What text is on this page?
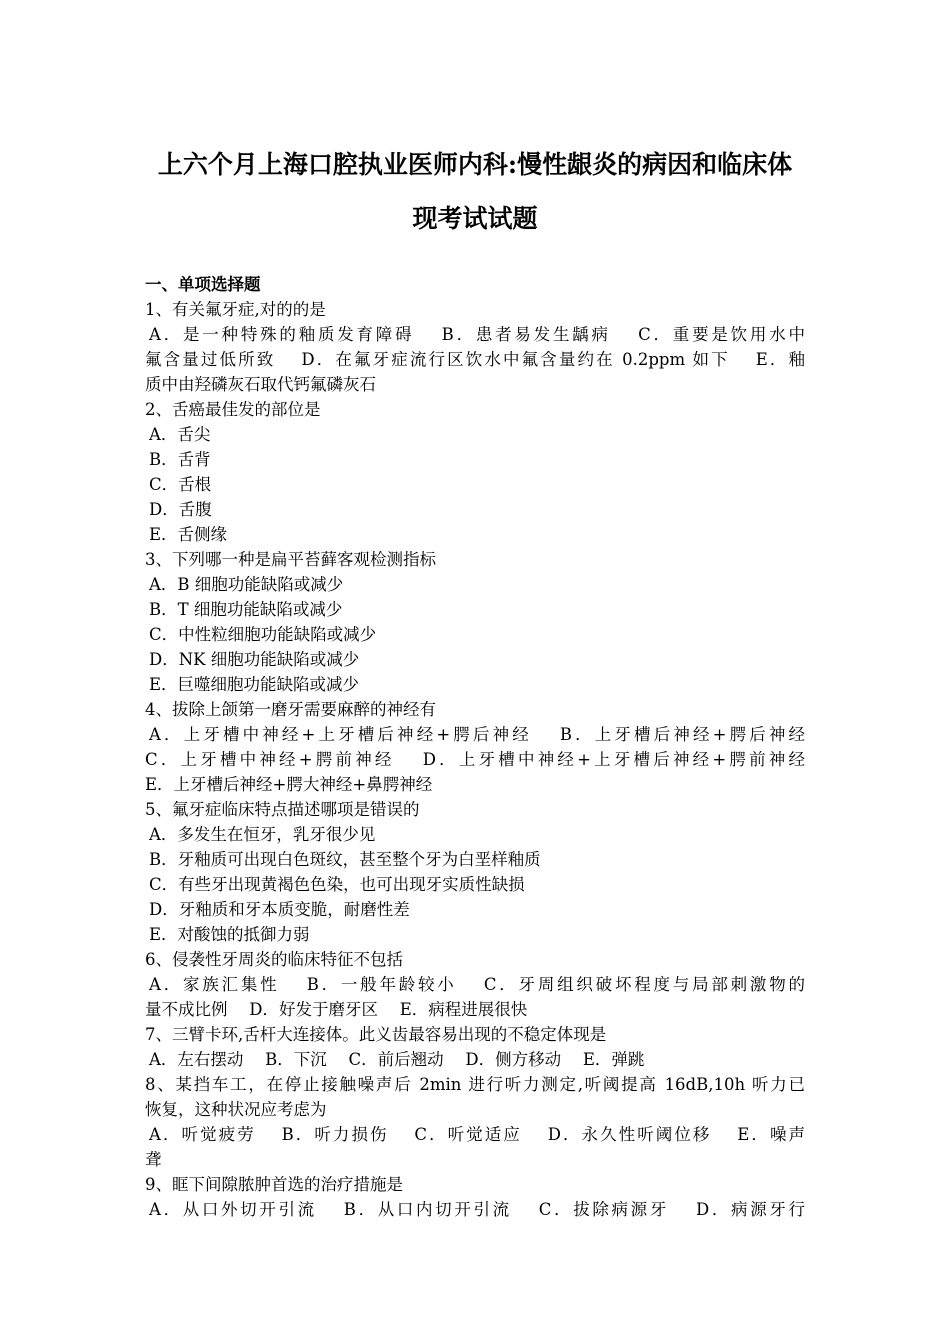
上六个月上海口腔执业医师内科:慢性龈炎的病因和临床体
现考试试题

一、单项选择题

1、有关氟牙症,对的的是

A．是一种特殊的釉质发育障碍　 B．患者易发生龋病　 C．重要是饮用水中

氟含量过低所致　 D．在氟牙症流行区饮水中氟含量约在 0.2ppm 如下　 E．釉

质中由羟磷灰石取代钙氟磷灰石

2、舌癌最佳发的部位是

A．舌尖

B．舌背

C．舌根

D．舌腹

E．舌侧缘

3、下列哪一种是扁平苔藓客观检测指标

A．B 细胞功能缺陷或减少

B．T 细胞功能缺陷或减少

C．中性粒细胞功能缺陷或减少

D．NK 细胞功能缺陷或减少

E．巨噬细胞功能缺陷或减少

4、拔除上颌第一磨牙需要麻醉的神经有

A．上牙槽中神经+上牙槽后神经+腭后神经　 B．上牙槽后神经+腭后神经

C．上牙槽中神经+腭前神经　 D．上牙槽中神经+上牙槽后神经+腭前神经

E．上牙槽后神经+腭大神经+鼻腭神经

5、氟牙症临床特点描述哪项是错误的

A．多发生在恒牙，乳牙很少见

B．牙釉质可出现白色斑纹，甚至整个牙为白垩样釉质

C．有些牙出现黄褐色色染，也可出现牙实质性缺损

D．牙釉质和牙本质变脆，耐磨性差

E．对酸蚀的抵御力弱

6、侵袭性牙周炎的临床特征不包括

A．家族汇集性　 B．一般年龄较小　 C．牙周组织破坏程度与局部刺激物的

量不成比例　 D．好发于磨牙区　 E．病程进展很快

7、三臂卡环,舌杆大连接体。此义齿最容易出现的不稳定体现是

A．左右摆动　 B．下沉　 C．前后翘动　 D．侧方移动　 E．弹跳

8、某挡车工，在停止接触噪声后 2min 进行听力测定,听阈提高 16dB,10h 听力已

恢复，这种状况应考虑为

A．听觉疲劳　 B．听力损伤　 C．听觉适应　 D．永久性听阈位移　 E．噪声

聋

9、眶下间隙脓肿首选的治疗措施是

A．从口外切开引流　 B．从口内切开引流　 C．拔除病源牙　 D．病源牙行
